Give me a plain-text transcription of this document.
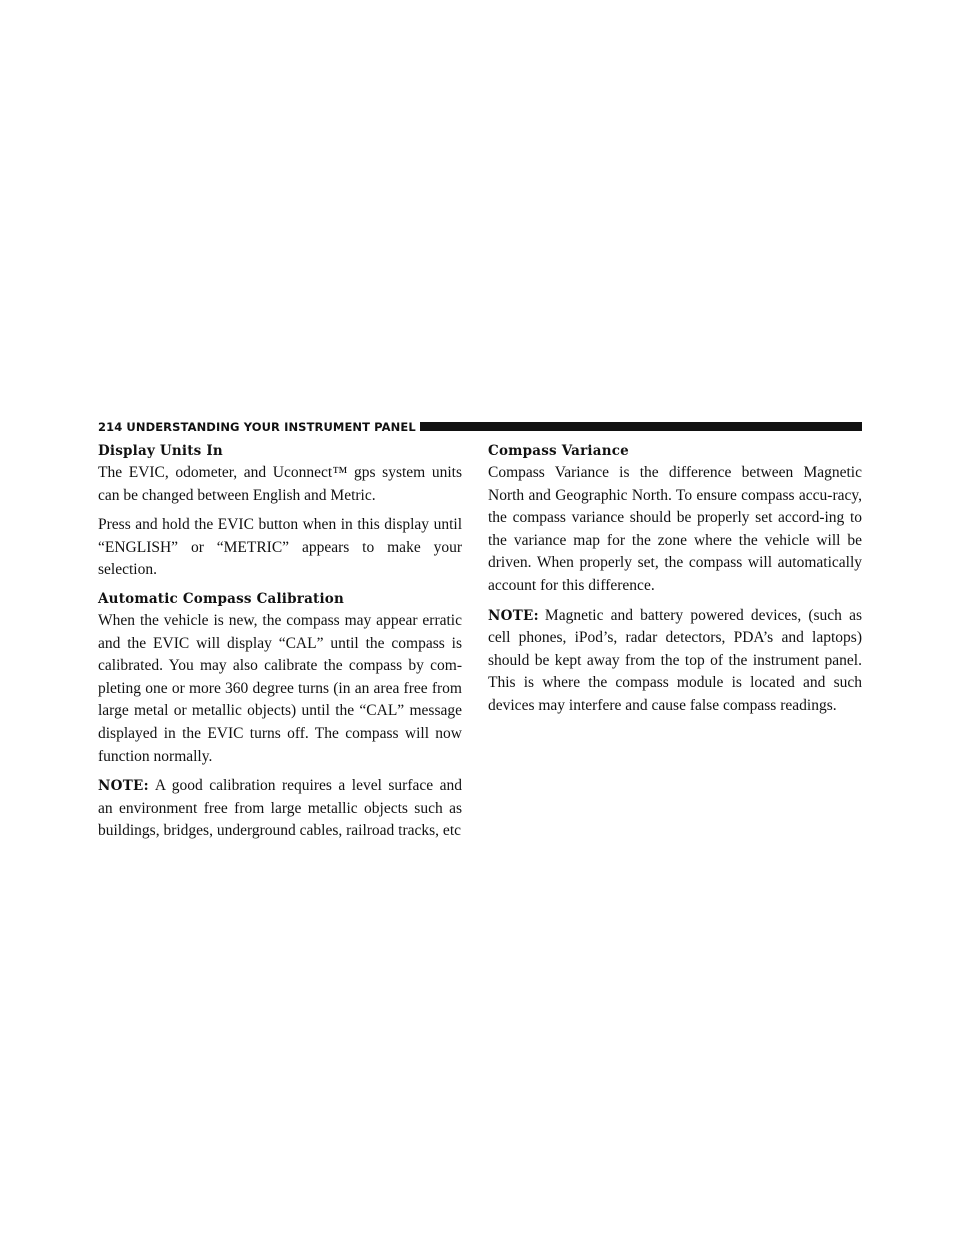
214 UNDERSTANDING YOUR INSTRUMENT PANEL
Display Units In

The EVIC, odometer, and Uconnect™ gps system units can be changed between English and Metric.

Press and hold the EVIC button when in this display until “ENGLISH” or “METRIC” appears to make your selection.

Automatic Compass Calibration

When the vehicle is new, the compass may appear erratic and the EVIC will display “CAL” until the compass is calibrated. You may also calibrate the compass by com-pleting one or more 360 degree turns (in an area free from large metal or metallic objects) until the “CAL” message displayed in the EVIC turns off. The compass will now function normally.

NOTE: A good calibration requires a level surface and an environment free from large metallic objects such as buildings, bridges, underground cables, railroad tracks, etc

Compass Variance

Compass Variance is the difference between Magnetic North and Geographic North. To ensure compass accu-racy, the compass variance should be properly set accord-ing to the variance map for the zone where the vehicle will be driven. When properly set, the compass will automatically account for this difference.

NOTE: Magnetic and battery powered devices, (such as cell phones, iPod’s, radar detectors, PDA’s and laptops) should be kept away from the top of the instrument panel. This is where the compass module is located and such devices may interfere and cause false compass readings.
